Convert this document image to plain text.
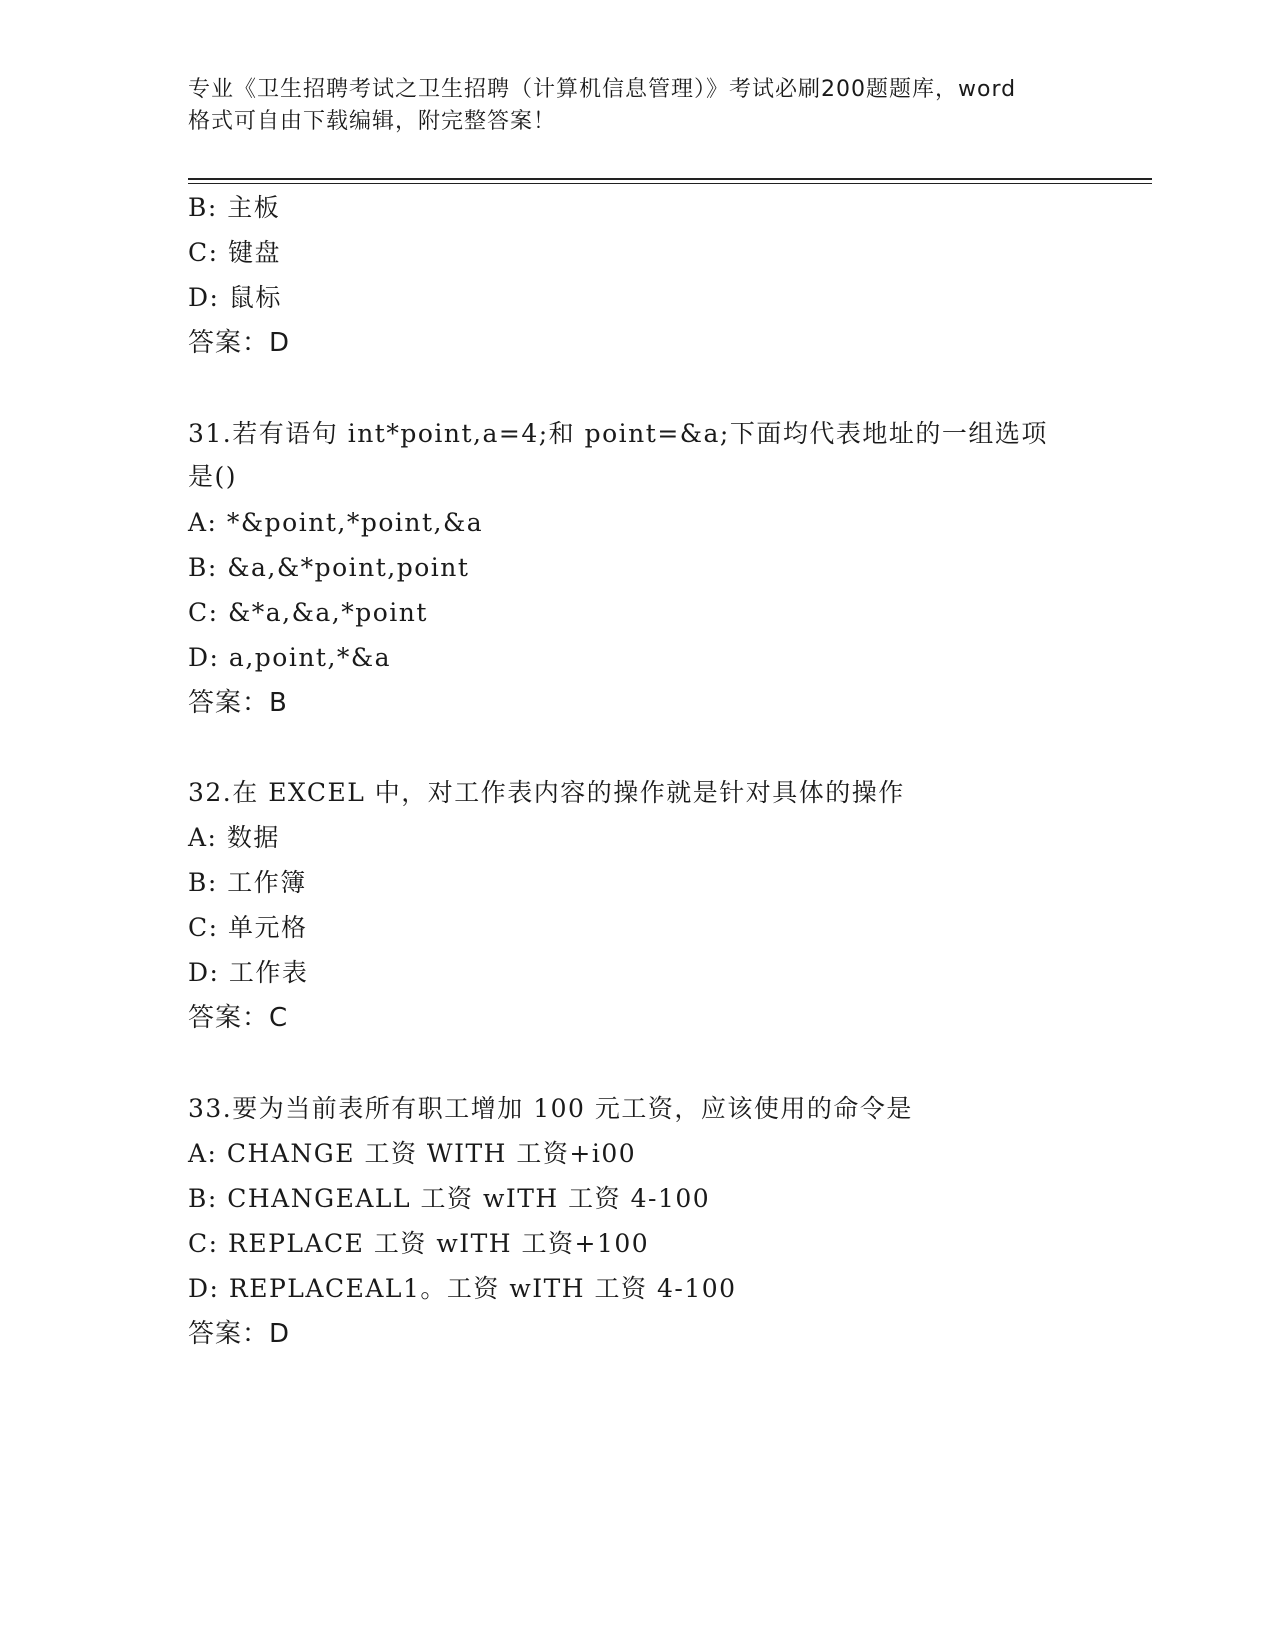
专业《卫生招聘考试之卫生招聘（计算机信息管理）》考试必刷200题题库，word
格式可自由下载编辑，附完整答案！
B: 主板
C: 键盘
D: 鼠标
答案：D
31.若有语句 int*point,a=4;和 point=&a;下面均代表地址的一组选项
是()
A: *&point,*point,&a
B: &a,&*point,point
C: &*a,&a,*point
D: a,point,*&a
答案：B
32.在 EXCEL 中，对工作表内容的操作就是针对具体的操作
A: 数据
B: 工作簿
C: 单元格
D: 工作表
答案：C
33.要为当前表所有职工增加 100 元工资，应该使用的命令是
A: CHANGE 工资 WITH 工资+i00
B: CHANGEALL 工资 wITH 工资 4-100
C: REPLACE 工资 wITH 工资+100
D: REPLACEAL1。工资 wITH 工资 4-100
答案：D
